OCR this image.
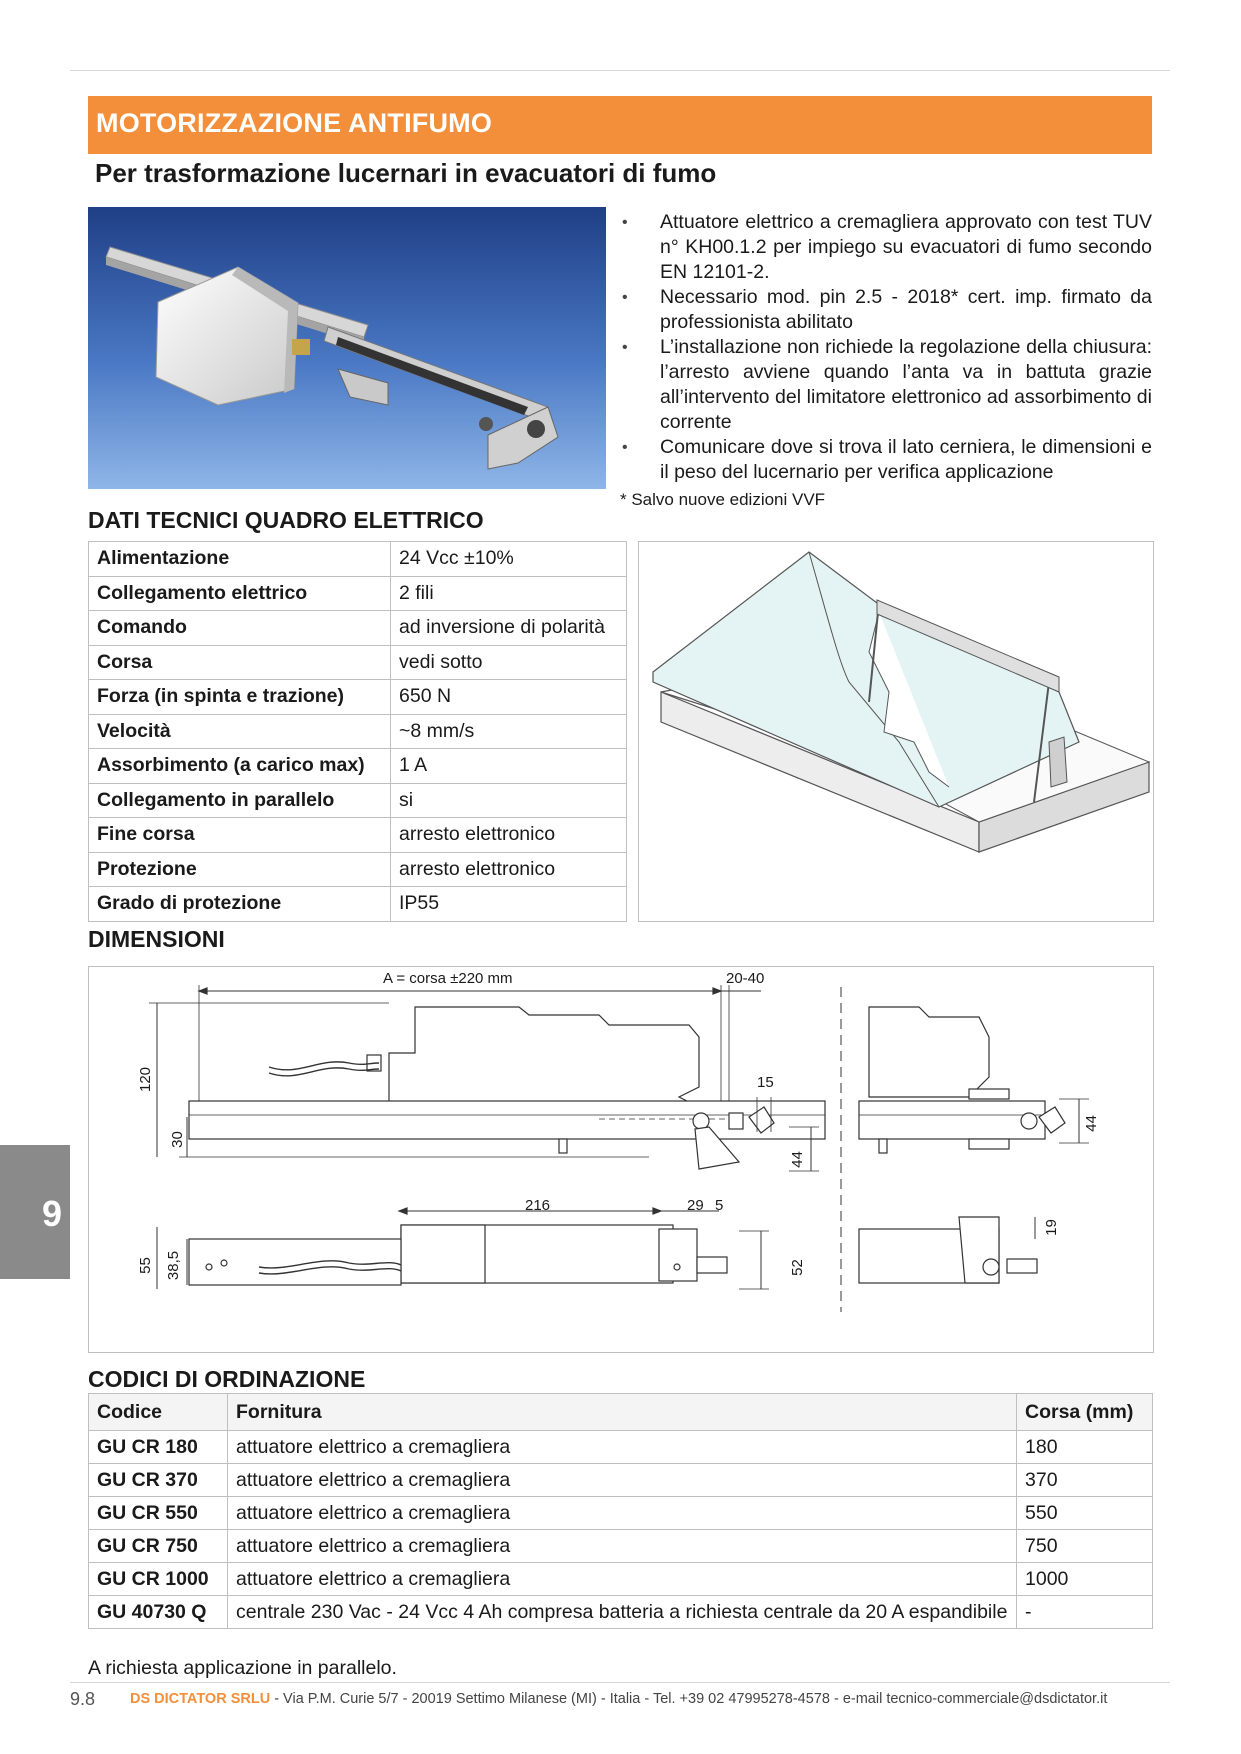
MOTORIZZAZIONE ANTIFUMO
Per trasformazione lucernari in evacuatori di fumo
• Attuatore elettrico a cremagliera approvato con test TUV n° KH00.1.2 per impiego su evacuatori di fumo secondo EN 12101-2.
• Necessario mod. pin 2.5 - 2018* cert. imp. firmato da professionista abilitato
• L’installazione non richiede la regolazione della chiusura: l’arresto avviene quando l’anta va in battuta grazie all’intervento del limitatore elettronico ad assorbimento di corrente
• Comunicare dove si trova il lato cerniera, le dimensioni e il peso del lucernario per verifica applicazione
* Salvo nuove edizioni VVF
DATI TECNICI QUADRO ELETTRICO
Alimentazione	24 Vcc ±10%
Collegamento elettrico	2 fili
Comando	ad inversione di polarità
Corsa	vedi sotto
Forza (in spinta e trazione)	650 N
Velocità	~8 mm/s
Assorbimento (a carico max)	1 A
Collegamento in parallelo	si
Fine corsa	arresto elettronico
Protezione	arresto elettronico
Grado di protezione	IP55
DIMENSIONI
A = corsa ±220 mm	20-40
15
120
30
44
216	29 5
55 38,5	52
44
19
CODICI DI ORDINAZIONE
Codice	Fornitura	Corsa (mm)
GU CR 180	attuatore elettrico a cremagliera	180
GU CR 370	attuatore elettrico a cremagliera	370
GU CR 550	attuatore elettrico a cremagliera	550
GU CR 750	attuatore elettrico a cremagliera	750
GU CR 1000	attuatore elettrico a cremagliera	1000
GU 40730 Q	centrale 230 Vac - 24 Vcc 4 Ah compresa batteria a richiesta centrale da 20 A espandibile	-
A richiesta applicazione in parallelo.
9.8 DS DICTATOR SRLU - Via P.M. Curie 5/7 - 20019 Settimo Milanese (MI) - Italia - Tel. +39 02 47995278-4578 - e-mail tecnico-commerciale@dsdictator.it
9
